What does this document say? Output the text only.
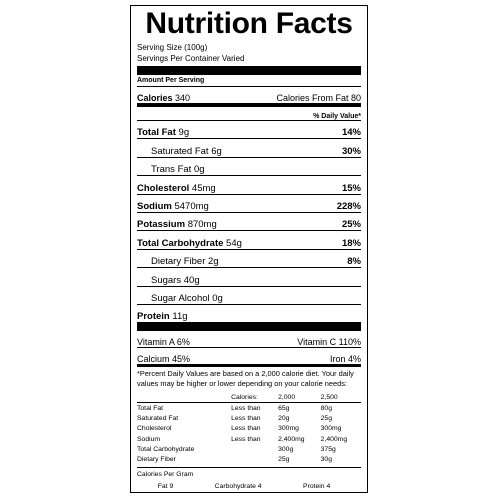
Nutrition Facts
Serving Size (100g)
Servings Per Container Varied
Amount Per Serving
Calories 340	Calories From Fat 80
% Daily Value*
Total Fat 9g	14%
Saturated Fat 6g	30%
Trans Fat 0g
Cholesterol 45mg	15%
Sodium 5470mg	228%
Potassium 870mg	25%
Total Carbohydrate 54g	18%
Dietary Fiber 2g	8%
Sugars 40g
Sugar Alcohol 0g
Protein 11g
Vitamin A 6%	Vitamin C 110%
Calcium 45%	Iron 4%
*Percent Daily Values are based on a 2,000 calorie diet. Your daily values may be higher or lower depending on your calorie needs:
	Calories:	2,000	2,500
Total Fat	Less than	65g	80g
Saturated Fat	Less than	20g	25g
Cholesterol	Less than	300mg	300mg
Sodium	Less than	2,400mg	2,400mg
Total Carbohydrate		300g	375g
Dietary Fiber		25g	30g
Calories Per Gram
Fat 9	Carbohydrate 4	Protein 4
